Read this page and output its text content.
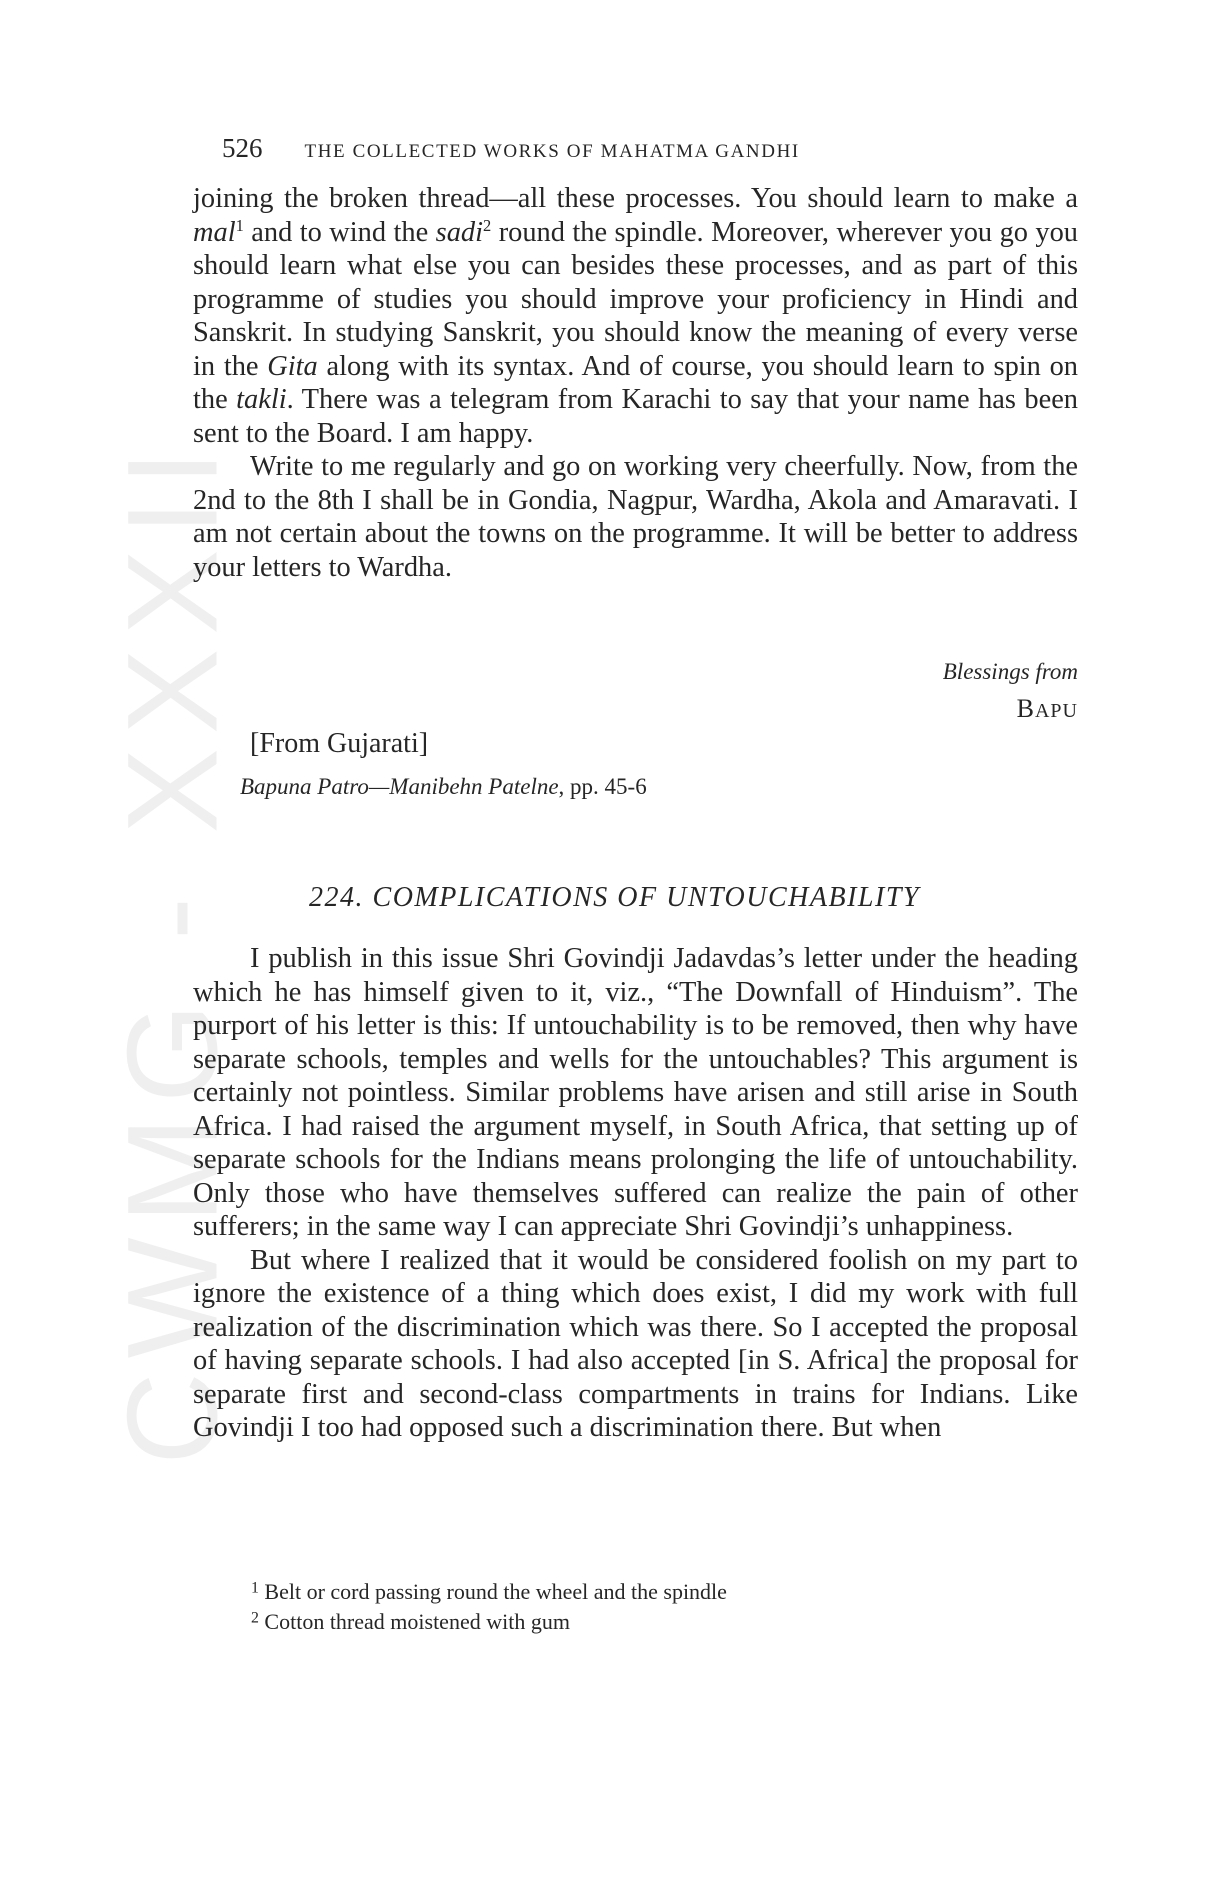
CWMG - XXXII
526 THE COLLECTED WORKS OF MAHATMA GANDHI

joining the broken thread—all these processes. You should learn to make a mal$^1$ and to wind the sadi$^2$ round the spindle. Moreover, wherever you go you should learn what else you can besides these processes, and as part of this programme of studies you should improve your proficiency in Hindi and Sanskrit. In studying Sanskrit, you should know the meaning of every verse in the Gita along with its syntax. And of course, you should learn to spin on the takli. There was a telegram from Karachi to say that your name has been sent to the Board. I am happy.

Write to me regularly and go on working very cheerfully. Now, from the 2nd to the 8th I shall be in Gondia, Nagpur, Wardha, Akola and Amaravati. I am not certain about the towns on the programme. It will be better to address your letters to Wardha.

Blessings from
BAPU
[From Gujarati]
Bapuna Patro—Manibehn Patelne, pp. 45-6
224. COMPLICATIONS OF UNTOUCHABILITY

I publish in this issue Shri Govindji Jadavdas’s letter under the heading which he has himself given to it, viz., “The Downfall of Hinduism”. The purport of his letter is this: If untouchability is to be removed, then why have separate schools, temples and wells for the untouchables? This argument is certainly not pointless. Similar problems have arisen and still arise in South Africa. I had raised the argument myself, in South Africa, that setting up of separate schools for the Indians means prolonging the life of untouchability. Only those who have themselves suffered can realize the pain of other sufferers; in the same way I can appreciate Shri Govindji’s unhappiness.

But where I realized that it would be considered foolish on my part to ignore the existence of a thing which does exist, I did my work with full realization of the discrimination which was there. So I accepted the proposal of having separate schools. I had also accepted [in S. Africa] the proposal for separate first and second-class compartments in trains for Indians. Like Govindji I too had opposed such a discrimination there. But when

$^1$ Belt or cord passing round the wheel and the spindle
$^2$ Cotton thread moistened with gum
